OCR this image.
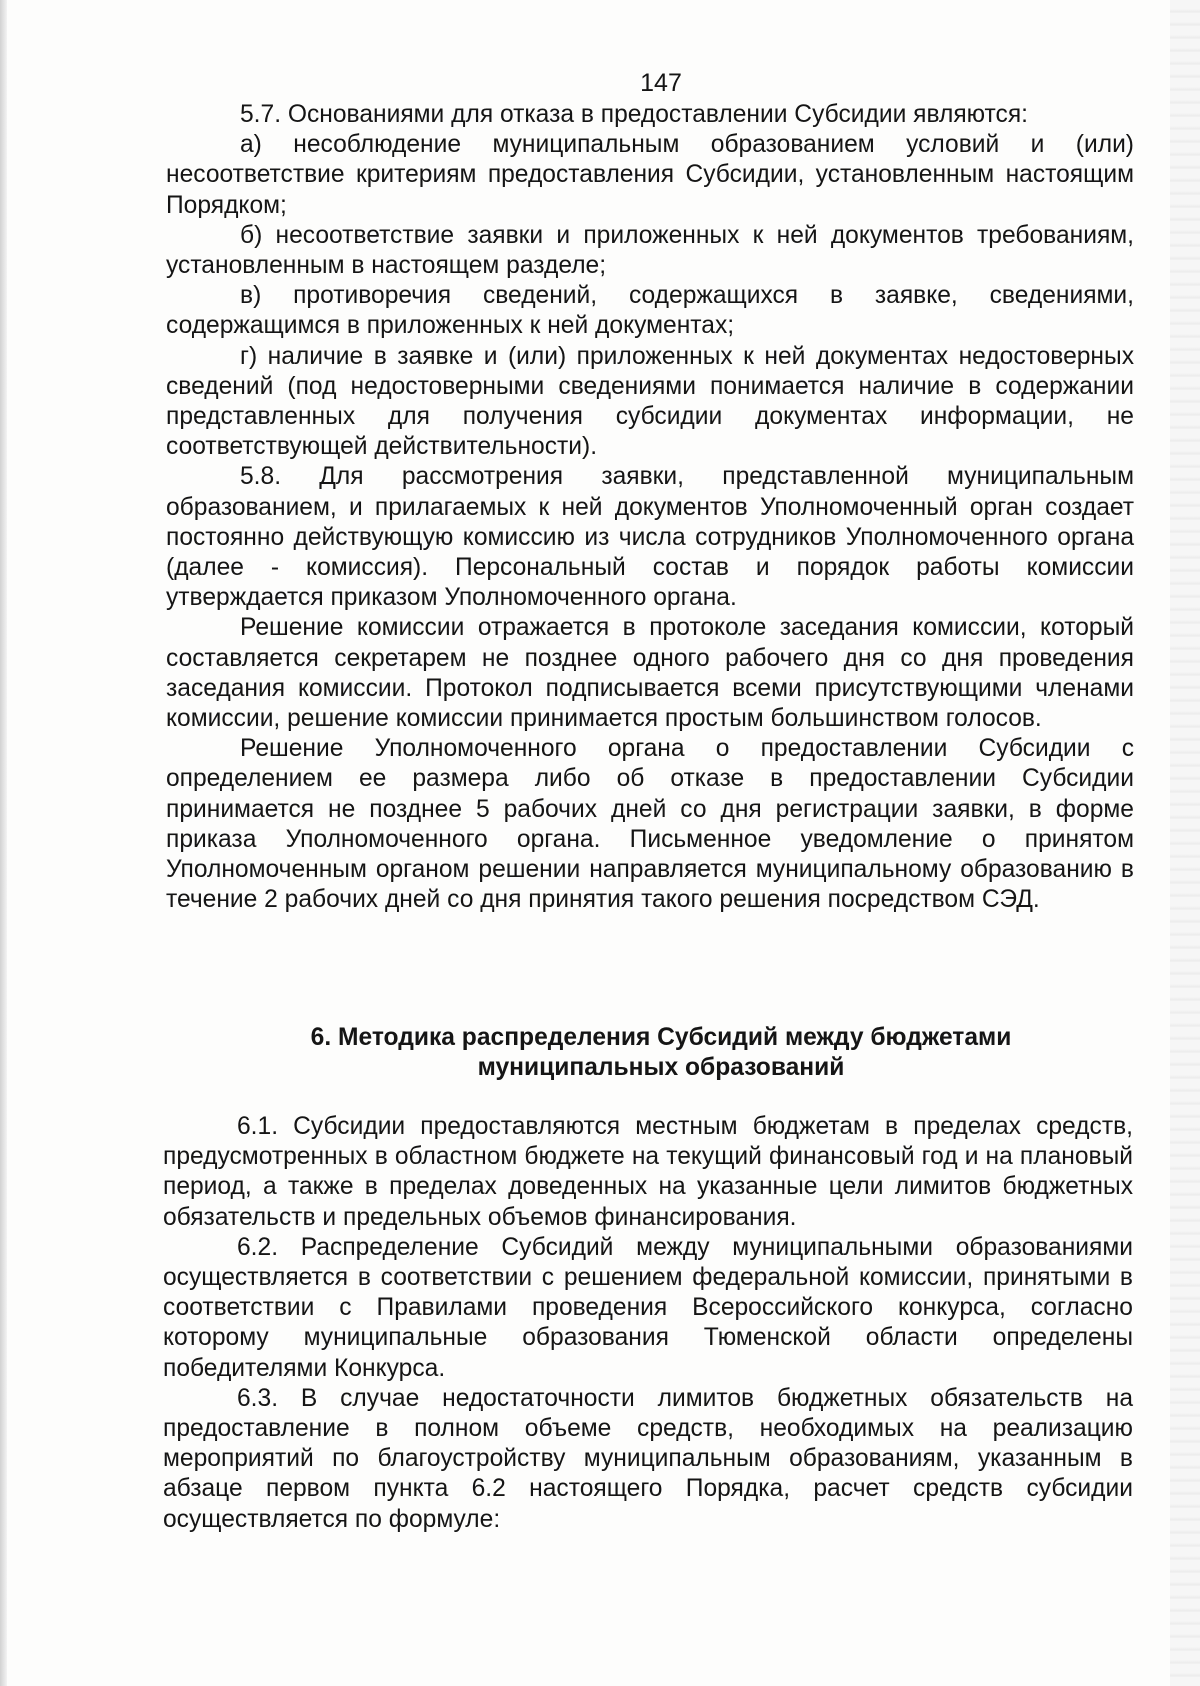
147

5.7. Основаниями для отказа в предоставлении Субсидии являются:

а) несоблюдение муниципальным образованием условий и (или) несоответствие критериям предоставления Субсидии, установленным настоящим Порядком;

б) несоответствие заявки и приложенных к ней документов требованиям, установленным в настоящем разделе;

в) противоречия сведений, содержащихся в заявке, сведениями, содержащимся в приложенных к ней документах;

г) наличие в заявке и (или) приложенных к ней документах недостоверных сведений (под недостоверными сведениями понимается наличие в содержании представленных для получения субсидии документах информации, не соответствующей действительности).

5.8. Для рассмотрения заявки, представленной муниципальным образованием, и прилагаемых к ней документов Уполномоченный орган создает постоянно действующую комиссию из числа сотрудников Уполномоченного органа (далее - комиссия). Персональный состав и порядок работы комиссии утверждается приказом Уполномоченного органа.

Решение комиссии отражается в протоколе заседания комиссии, который составляется секретарем не позднее одного рабочего дня со дня проведения заседания комиссии. Протокол подписывается всеми присутствующими членами комиссии, решение комиссии принимается простым большинством голосов.

Решение Уполномоченного органа о предоставлении Субсидии с определением ее размера либо об отказе в предоставлении Субсидии принимается не позднее 5 рабочих дней со дня регистрации заявки, в форме приказа Уполномоченного органа. Письменное уведомление о принятом Уполномоченным органом решении направляется муниципальному образованию в течение 2 рабочих дней со дня принятия такого решения посредством СЭД.

6. Методика распределения Субсидий между бюджетами
муниципальных образований

6.1. Субсидии предоставляются местным бюджетам в пределах средств, предусмотренных в областном бюджете на текущий финансовый год и на плановый период, а также в пределах доведенных на указанные цели лимитов бюджетных обязательств и предельных объемов финансирования.

6.2. Распределение Субсидий между муниципальными образованиями осуществляется в соответствии с решением федеральной комиссии, принятыми в соответствии с Правилами проведения Всероссийского конкурса, согласно которому муниципальные образования Тюменской области определены победителями Конкурса.

6.3. В случае недостаточности лимитов бюджетных обязательств на предоставление в полном объеме средств, необходимых на реализацию мероприятий по благоустройству муниципальным образованиям, указанным в абзаце первом пункта 6.2 настоящего Порядка, расчет средств субсидии осуществляется по формуле:
